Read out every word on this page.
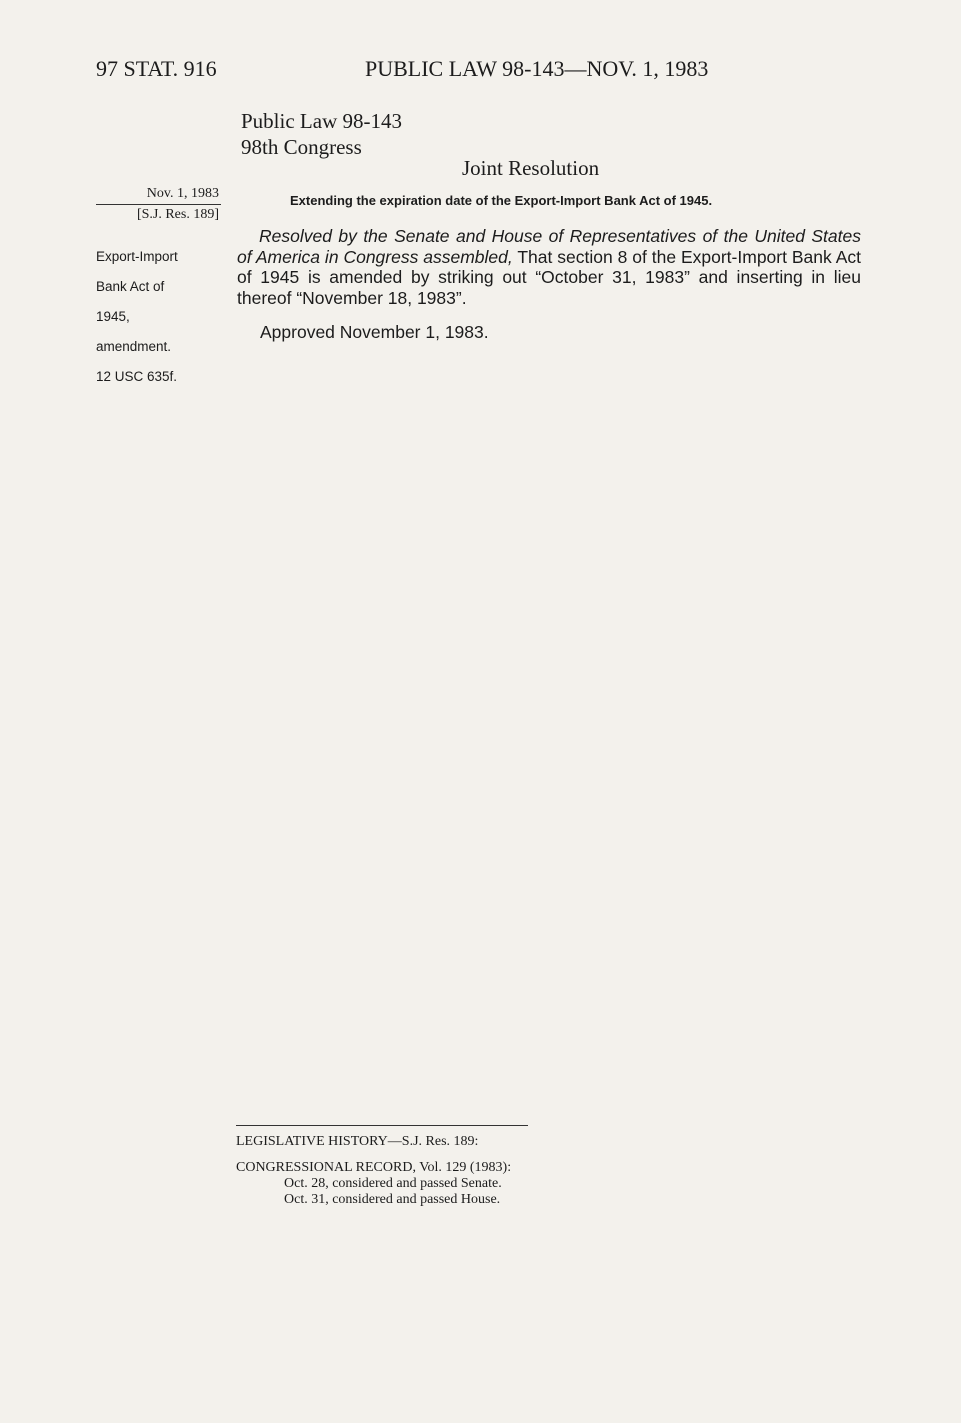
97 STAT. 916	PUBLIC LAW 98-143—NOV. 1, 1983
Public Law 98-143
98th Congress
Joint Resolution
Nov. 1, 1983
[S.J. Res. 189]

Export-Import

Bank Act of

1945,

amendment.

12 USC 635f.

Extending the expiration date of the Export-Import Bank Act of 1945.

Resolved by the Senate and House of Representatives of the United States of America in Congress assembled, That section 8 of the Export-Import Bank Act of 1945 is amended by striking out “October 31, 1983” and inserting in lieu thereof “November 18, 1983”.

Approved November 1, 1983.
LEGISLATIVE HISTORY—S.J. Res. 189:
CONGRESSIONAL RECORD, Vol. 129 (1983):
Oct. 28, considered and passed Senate.
Oct. 31, considered and passed House.
